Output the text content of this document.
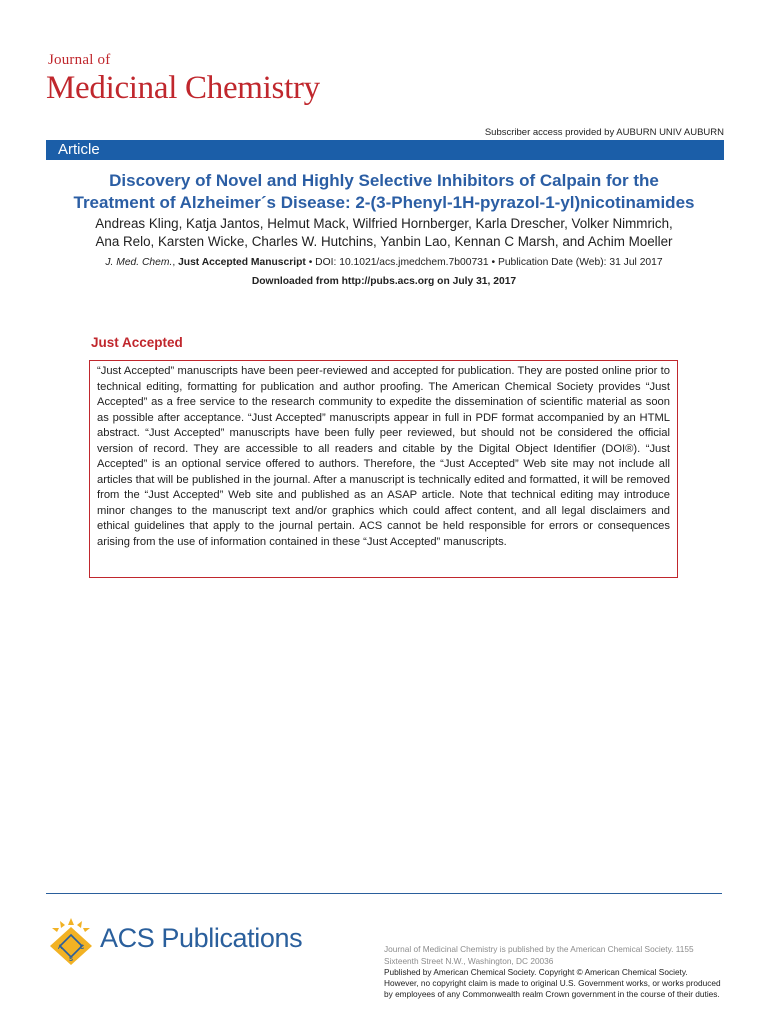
Journal of
Medicinal Chemistry
Subscriber access provided by AUBURN UNIV AUBURN
Article
Discovery of Novel and Highly Selective Inhibitors of Calpain for the
Treatment of Alzheimer´s Disease: 2-(3-Phenyl-1H-pyrazol-1-yl)nicotinamides
Andreas Kling, Katja Jantos, Helmut Mack, Wilfried Hornberger, Karla Drescher, Volker Nimmrich,
Ana Relo, Karsten Wicke, Charles W. Hutchins, Yanbin Lao, Kennan C Marsh, and Achim Moeller
J. Med. Chem., Just Accepted Manuscript • DOI: 10.1021/acs.jmedchem.7b00731 • Publication Date (Web): 31 Jul 2017
Downloaded from http://pubs.acs.org on July 31, 2017
Just Accepted

“Just Accepted” manuscripts have been peer-reviewed and accepted for publication. They are posted online prior to technical editing, formatting for publication and author proofing. The American Chemical Society provides “Just Accepted” as a free service to the research community to expedite the dissemination of scientific material as soon as possible after acceptance. “Just Accepted” manuscripts appear in full in PDF format accompanied by an HTML abstract. “Just Accepted” manuscripts have been fully peer reviewed, but should not be considered the official version of record. They are accessible to all readers and citable by the Digital Object Identifier (DOI®). “Just Accepted” is an optional service offered to authors. Therefore, the “Just Accepted” Web site may not include all articles that will be published in the journal. After a manuscript is technically edited and formatted, it will be removed from the “Just Accepted” Web site and published as an ASAP article. Note that technical editing may introduce minor changes to the manuscript text and/or graphics which could affect content, and all legal disclaimers and ethical guidelines that apply to the journal pertain. ACS cannot be held responsible for errors or consequences arising from the use of information contained in these “Just Accepted” manuscripts.

A	C
S
ACS Publications	Journal of Medicinal Chemistry is published by the American Chemical Society. 1155 Sixteenth Street N.W., Washington, DC 20036
Published by American Chemical Society. Copyright © American Chemical Society. However, no copyright claim is made to original U.S. Government works, or works produced by employees of any Commonwealth realm Crown government in the course of their duties.
